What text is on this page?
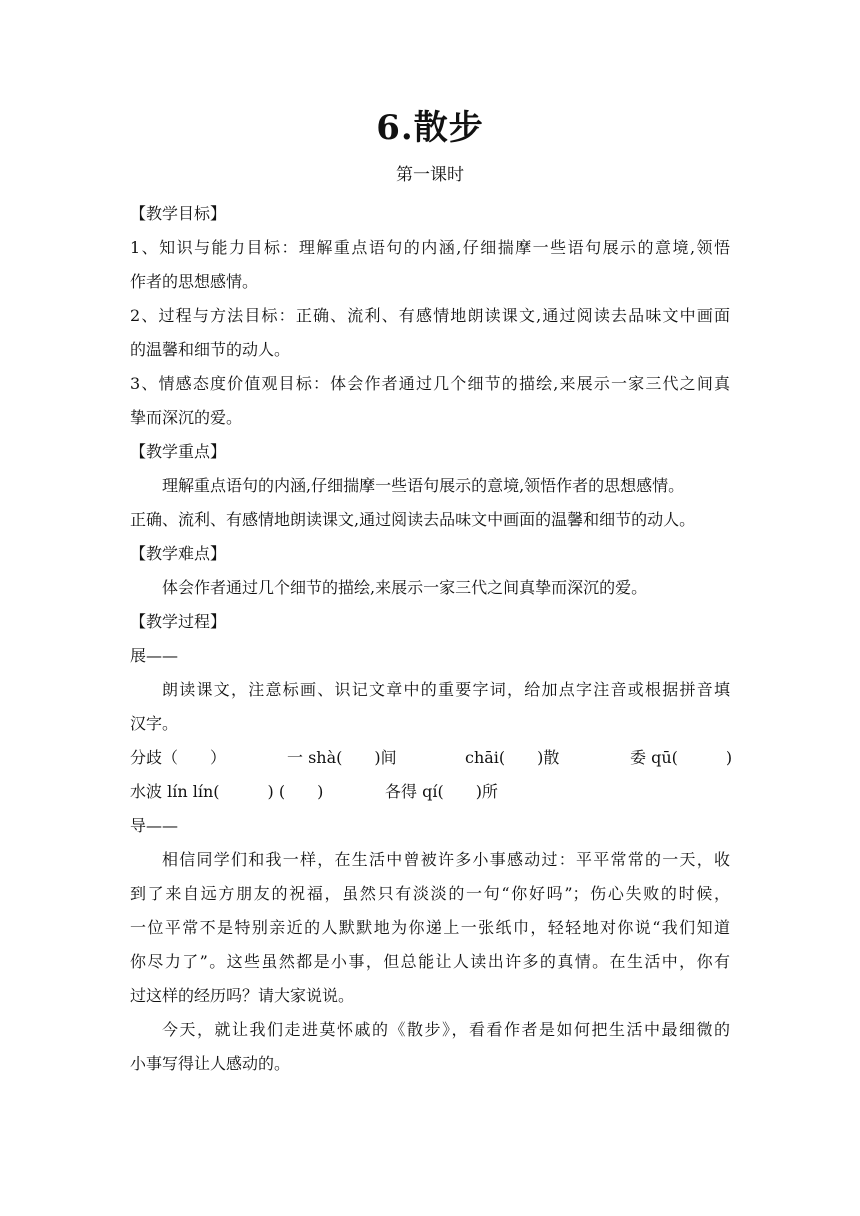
6.散步
第一课时
【教学目标】
1、知识与能力目标：理解重点语句的内涵,仔细揣摩一些语句展示的意境,领悟
作者的思想感情。
2、过程与方法目标：正确、流利、有感情地朗读课文,通过阅读去品味文中画面
的温馨和细节的动人。
3、情感态度价值观目标：体会作者通过几个细节的描绘,来展示一家三代之间真
挚而深沉的爱。
【教学重点】
理解重点语句的内涵,仔细揣摩一些语句展示的意境,领悟作者的思想感情。
正确、流利、有感情地朗读课文,通过阅读去品味文中画面的温馨和细节的动人。
【教学难点】
体会作者通过几个细节的描绘,来展示一家三代之间真挚而深沉的爱。
【教学过程】
展——
朗读课文，注意标画、识记文章中的重要字词，给加点字注音或根据拼音填
汉字。
分歧（　　）	一 shà(　　)间	chāi(　　)散	委 qū(　　　)
水波 lín lín(　　　) (　　)	各得 qí(　　)所
导——
相信同学们和我一样，在生活中曾被许多小事感动过：平平常常的一天，收
到了来自远方朋友的祝福，虽然只有淡淡的一句“你好吗”；伤心失败的时候，
一位平常不是特别亲近的人默默地为你递上一张纸巾，轻轻地对你说“我们知道
你尽力了”。这些虽然都是小事，但总能让人读出许多的真情。在生活中，你有
过这样的经历吗？请大家说说。
今天，就让我们走进莫怀戚的《散步》，看看作者是如何把生活中最细微的
小事写得让人感动的。
